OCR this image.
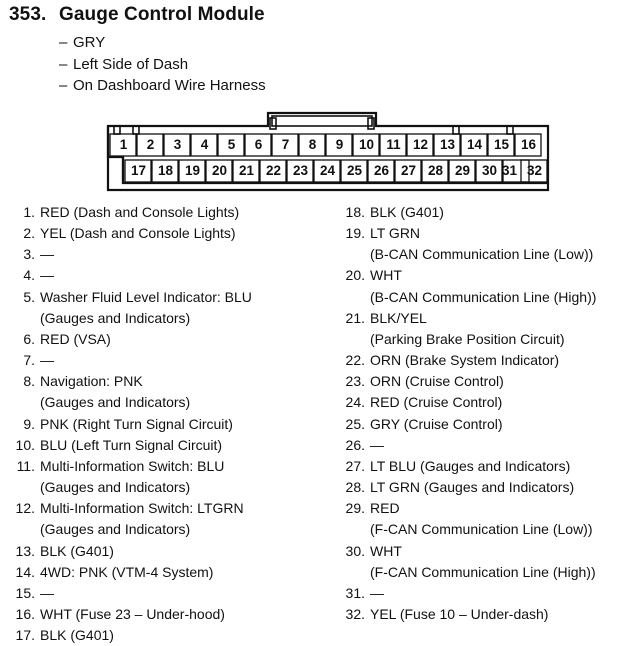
353. Gauge Control Module
– GRY
– Left Side of Dash
– On Dashboard Wire Harness
1	2	3	4	5	6	7	8	9	10 11 12 13 14 15 16
17 18 19 20 21 22 23 24 25 26 27 28 29 30 31 32
1. RED (Dash and Console Lights)
2. YEL (Dash and Console Lights)
3. —
4. —
5. Washer Fluid Level Indicator: BLU
(Gauges and Indicators)
6. RED (VSA)
7. —
8. Navigation: PNK
(Gauges and Indicators)
9. PNK (Right Turn Signal Circuit)
10. BLU (Left Turn Signal Circuit)
11. Multi-Information Switch: BLU
(Gauges and Indicators)
12. Multi-Information Switch: LTGRN
(Gauges and Indicators)
13. BLK (G401)
14. 4WD: PNK (VTM-4 System)
15. —
16. WHT (Fuse 23 – Under-hood)
17. BLK (G401)
18. BLK (G401)
19. LT GRN
(B-CAN Communication Line (Low))
20. WHT
(B-CAN Communication Line (High))
21. BLK/YEL
(Parking Brake Position Circuit)
22. ORN (Brake System Indicator)
23. ORN (Cruise Control)
24. RED (Cruise Control)
25. GRY (Cruise Control)
26. —
27. LT BLU (Gauges and Indicators)
28. LT GRN (Gauges and Indicators)
29. RED
(F-CAN Communication Line (Low))
30. WHT
(F-CAN Communication Line (High))
31. —
32. YEL (Fuse 10 – Under-dash)
